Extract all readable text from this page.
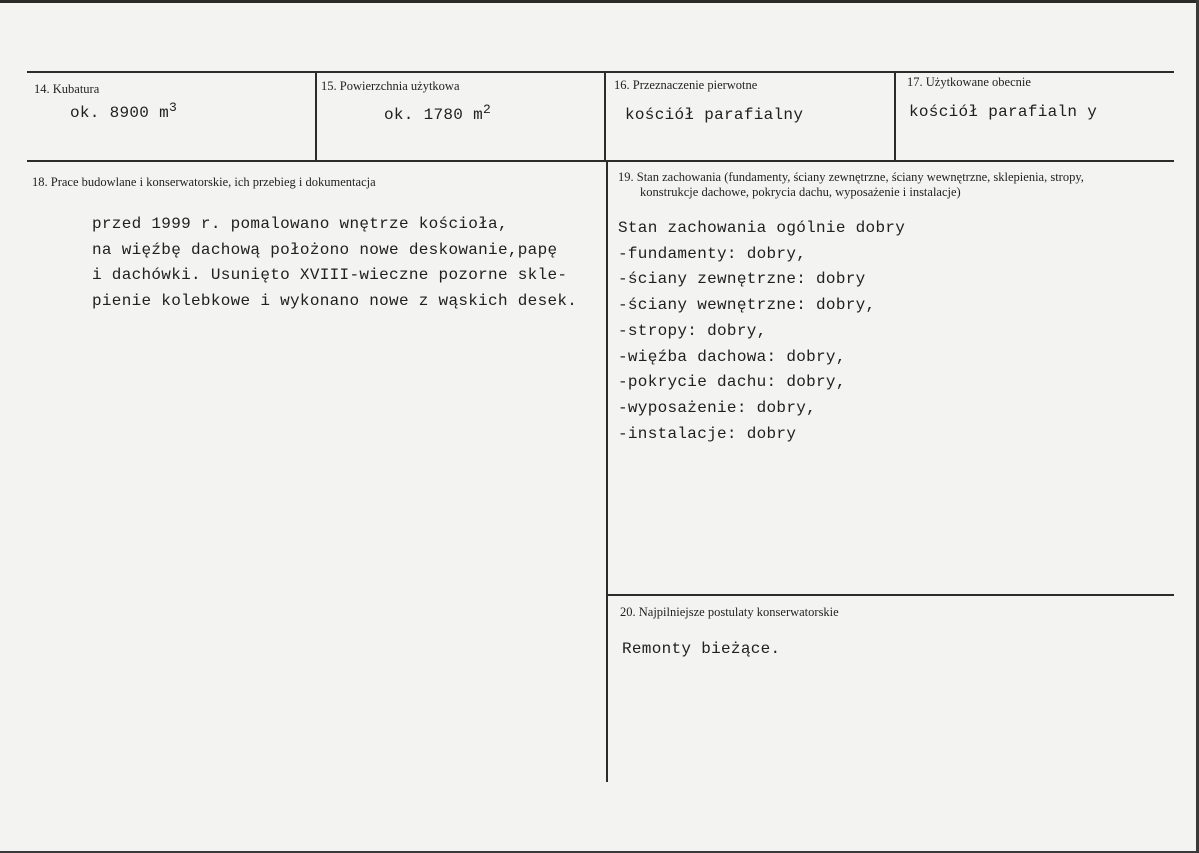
14. Kubatura
ok. 8900 $m^3$
15. Powierzchnia użytkowa
ok. 1780 $m^2$
16. Przeznaczenie pierwotne
kościół parafialny
17. Użytkowane obecnie
kościół parafialn y
18. Prace budowlane i konserwatorskie, ich przebieg i dokumentacja
przed 1999 r. pomalowano wnętrze kościoła,
na więźbę dachową położono nowe deskowanie,papę
i dachówki. Usunięto XVIII-wieczne pozorne skle-
pienie kolebkowe i wykonano nowe z wąskich desek.
19. Stan zachowania (fundamenty, ściany zewnętrzne, ściany wewnętrzne, sklepienia, stropy,
konstrukcje dachowe, pokrycia dachu, wyposażenie i instalacje)
Stan zachowania ogólnie dobry
-fundamenty: dobry,
-ściany zewnętrzne: dobry
-ściany wewnętrzne: dobry,
-stropy: dobry,
-więźba dachowa: dobry,
-pokrycie dachu: dobry,
-wyposażenie: dobry,
-instalacje: dobry
20. Najpilniejsze postulaty konserwatorskie
Remonty bieżące.
